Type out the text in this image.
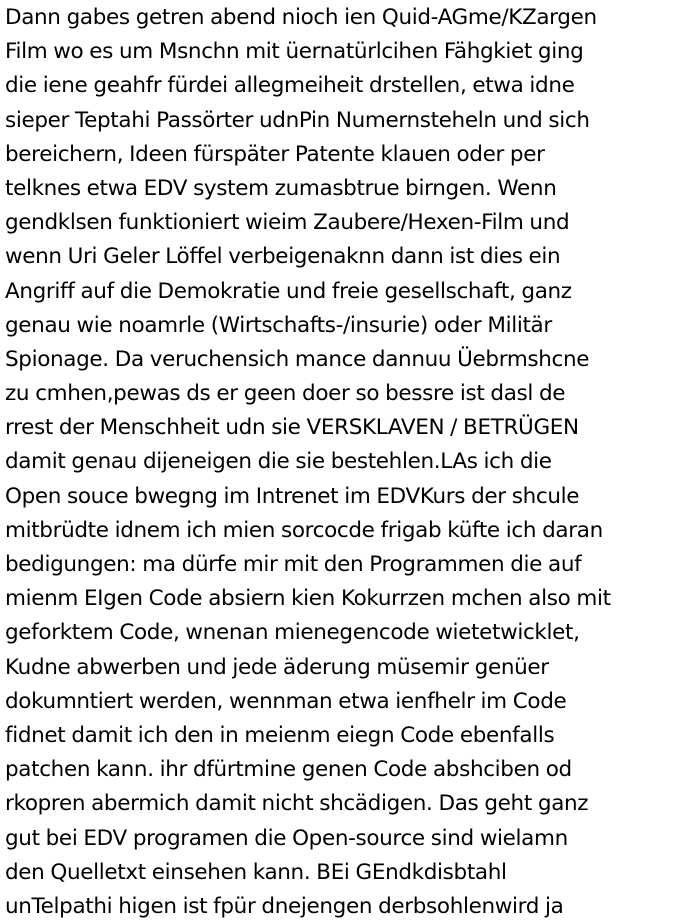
Dann gabes getren abend nioch ien Quid-AGme/KZargen
Film wo es um Msnchn mit üernatürlcihen Fähgkiet ging
die iene geahfr fürdei allegmeiheit drstellen, etwa idne
sieper Teptahi Passörter udnPin Numernsteheln und sich
bereichern, Ideen fürspäter Patente klauen oder per
telknes etwa EDV system zumasbtrue birngen. Wenn
gendklsen funktioniert wieim Zaubere/Hexen-Film und
wenn Uri Geler Löffel verbeigenaknn dann ist dies ein
Angriff auf die Demokratie und freie gesellschaft, ganz
genau wie noamrle (Wirtschafts-/insurie) oder Militär
Spionage. Da veruchensich mance dannuu Üebrmshcne
zu cmhen,pewas ds er geen doer so bessre ist dasl de
rrest der Menschheit udn sie VERSKLAVEN / BETRÜGEN
damit genau dijeneigen die sie bestehlen.LAs ich die
Open souce bwegng im Intrenet im EDVKurs der shcule
mitbrüdte idnem ich mien sorcocde frigab küfte ich daran
bedigungen: ma dürfe mir mit den Programmen die auf
mienm EIgen Code absiern kien Kokurrzen mchen also mit
geforktem Code, wnenan mienegencode wietetwicklet,
Kudne abwerben und jede äderung müsemir genüer
dokumntiert werden, wennman etwa ienfhelr im Code
fidnet damit ich den in meienm eiegn Code ebenfalls
patchen kann. ihr dfürtmine genen Code abshciben od
rkopren abermich damit nicht shcädigen. Das geht ganz
gut bei EDV programen die Open-source sind wielamn
den Quelletxt einsehen kann. BEi GEndkdisbtahl
unTelpathi higen ist fpür dnejengen derbsohlenwird ja
